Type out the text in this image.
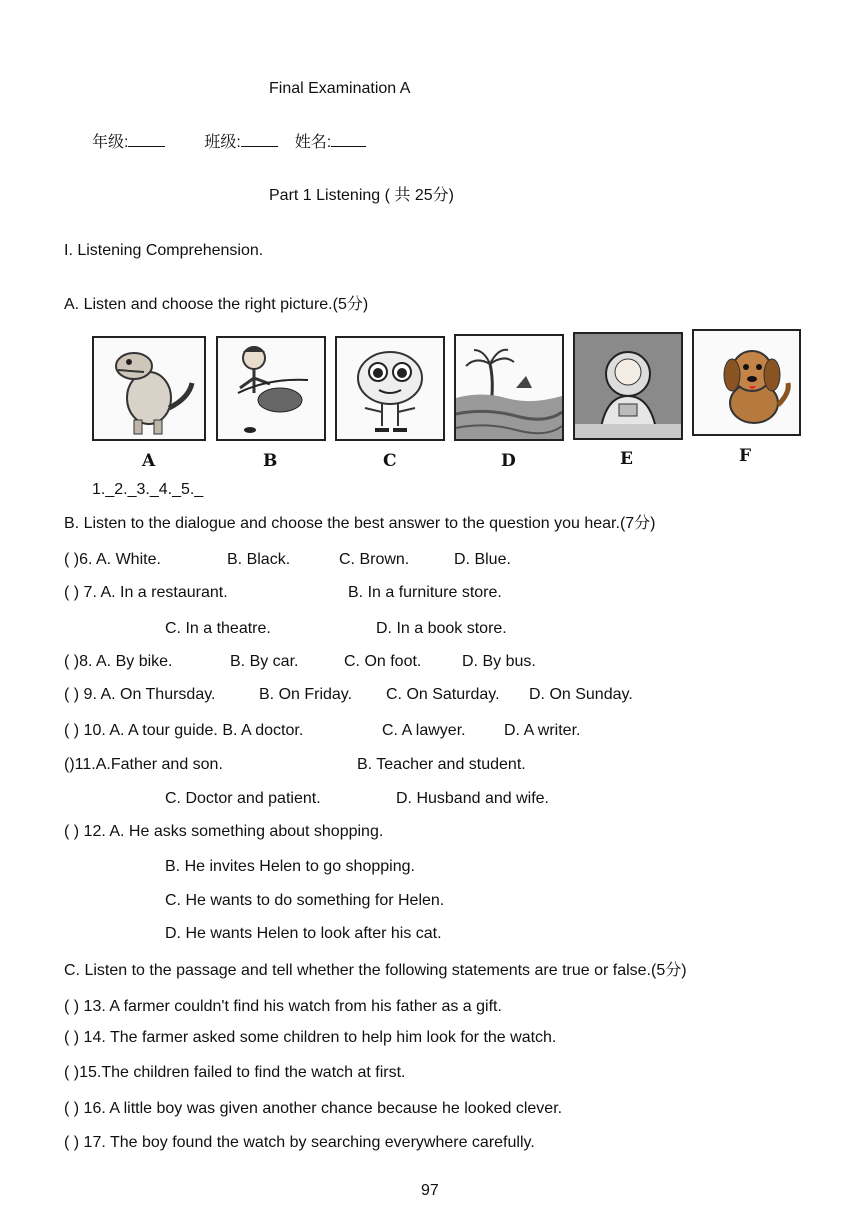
Final Examination A
年级:	班级:	姓名:
Part 1 Listening ( 共 25分)
I. Listening Comprehension.
A. Listen and choose the right picture.(5分)
A	B	C	D	E	F
1._2._3._4._5._
B. Listen to the dialogue and choose the best answer to the question you hear.(7分)
( )6. A. White.	B. Black.	C. Brown.	D. Blue.
( ) 7. A. In a restaurant.	B. In a furniture store.
C. In a theatre.	D. In a book store.
( )8. A. By bike.	B. By car.	C. On foot.	D. By bus.
( ) 9. A. On Thursday.	B. On Friday. C. On Saturday. D. On Sunday.
( ) 10. A. A tour guide. B. A doctor.	C. A lawyer. D. A writer.
()11.A.Father and son.	B. Teacher and student.
C. Doctor and patient.	D. Husband and wife.
( ) 12. A. He asks something about shopping.
B. He invites Helen to go shopping.
C. He wants to do something for Helen.
D. He wants Helen to look after his cat.
C. Listen to the passage and tell whether the following statements are true or false.(5分)
( ) 13. A farmer couldn't find his watch from his father as a gift.
( ) 14. The farmer asked some children to help him look for the watch.
( )15.The children failed to find the watch at first.
( ) 16. A little boy was given another chance because he looked clever.
( ) 17. The boy found the watch by searching everywhere carefully.
97
